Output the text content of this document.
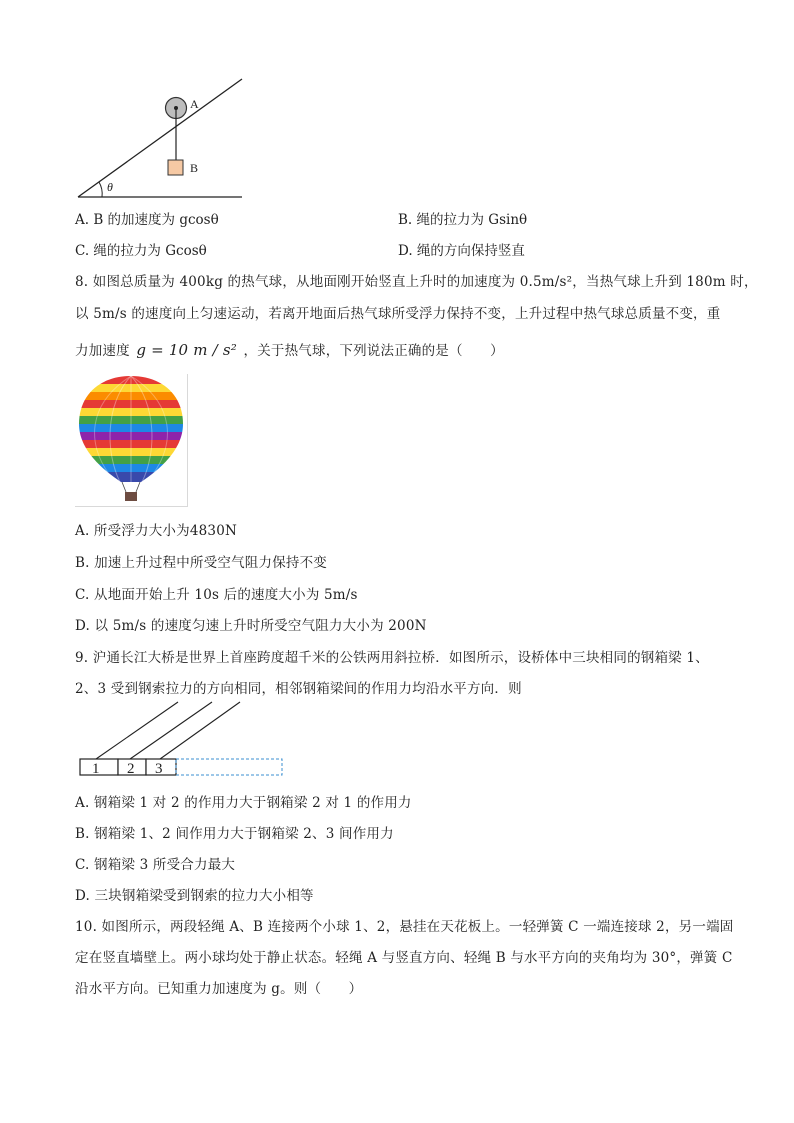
θ
A
B
A. B 的加速度为 gcosθ	B. 绳的拉力为 Gsinθ
C. 绳的拉力为 Gcosθ	D. 绳的方向保持竖直
8. 如图总质量为 400kg 的热气球，从地面刚开始竖直上升时的加速度为 0.5m/s²，当热气球上升到 180m 时，
以 5m/s 的速度向上匀速运动，若离开地面后热气球所受浮力保持不变，上升过程中热气球总质量不变，重
力加速度 g = 10 m / s² ，关于热气球，下列说法正确的是（　　）
A. 所受浮力大小为4830N
B. 加速上升过程中所受空气阻力保持不变
C. 从地面开始上升 10s 后的速度大小为 5m/s
D. 以 5m/s 的速度匀速上升时所受空气阻力大小为 200N
9. 沪通长江大桥是世界上首座跨度超千米的公铁两用斜拉桥．如图所示，设桥体中三块相同的钢箱梁 1、
2、3 受到钢索拉力的方向相同，相邻钢箱梁间的作用力均沿水平方向．则
1 2 3
A. 钢箱梁 1 对 2 的作用力大于钢箱梁 2 对 1 的作用力
B. 钢箱梁 1、2 间作用力大于钢箱梁 2、3 间作用力
C. 钢箱梁 3 所受合力最大
D. 三块钢箱梁受到钢索的拉力大小相等
10. 如图所示，两段轻绳 A、B 连接两个小球 1、2，悬挂在天花板上。一轻弹簧 C 一端连接球 2，另一端固
定在竖直墙壁上。两小球均处于静止状态。轻绳 A 与竖直方向、轻绳 B 与水平方向的夹角均为 30°，弹簧 C
沿水平方向。已知重力加速度为 g。则（　　）
